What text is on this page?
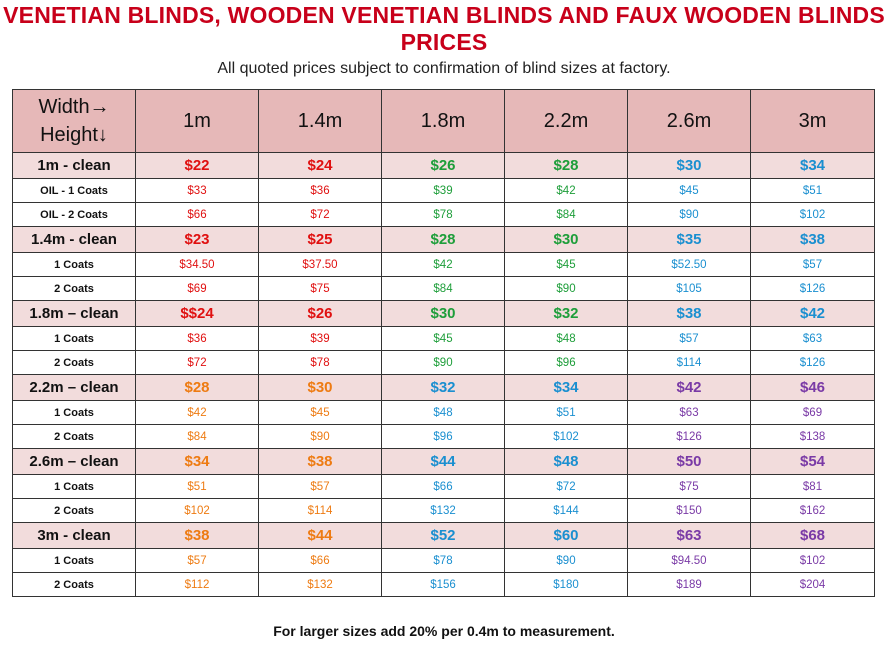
VENETIAN BLINDS, WOODEN VENETIAN BLINDS AND FAUX WOODEN BLINDS PRICES
All quoted prices subject to confirmation of blind sizes at factory.
Width→
Height↓	1m	1.4m	1.8m	2.2m	2.6m	3m
1m - clean	$22	$24	$26	$28	$30	$34
OIL - 1 Coats	$33	$36	$39	$42	$45	$51
OIL - 2 Coats	$66	$72	$78	$84	$90	$102
1.4m - clean	$23	$25	$28	$30	$35	$38
1 Coats	$34.50	$37.50	$42	$45	$52.50	$57
2 Coats	$69	$75	$84	$90	$105	$126
1.8m – clean	$$24	$26	$30	$32	$38	$42
1 Coats	$36	$39	$45	$48	$57	$63
2 Coats	$72	$78	$90	$96	$114	$126
2.2m – clean	$28	$30	$32	$34	$42	$46
1 Coats	$42	$45	$48	$51	$63	$69
2 Coats	$84	$90	$96	$102	$126	$138
2.6m – clean	$34	$38	$44	$48	$50	$54
1 Coats	$51	$57	$66	$72	$75	$81
2 Coats	$102	$114	$132	$144	$150	$162
3m - clean	$38	$44	$52	$60	$63	$68
1 Coats	$57	$66	$78	$90	$94.50	$102
2 Coats	$112	$132	$156	$180	$189	$204
For larger sizes add 20% per 0.4m to measurement.
